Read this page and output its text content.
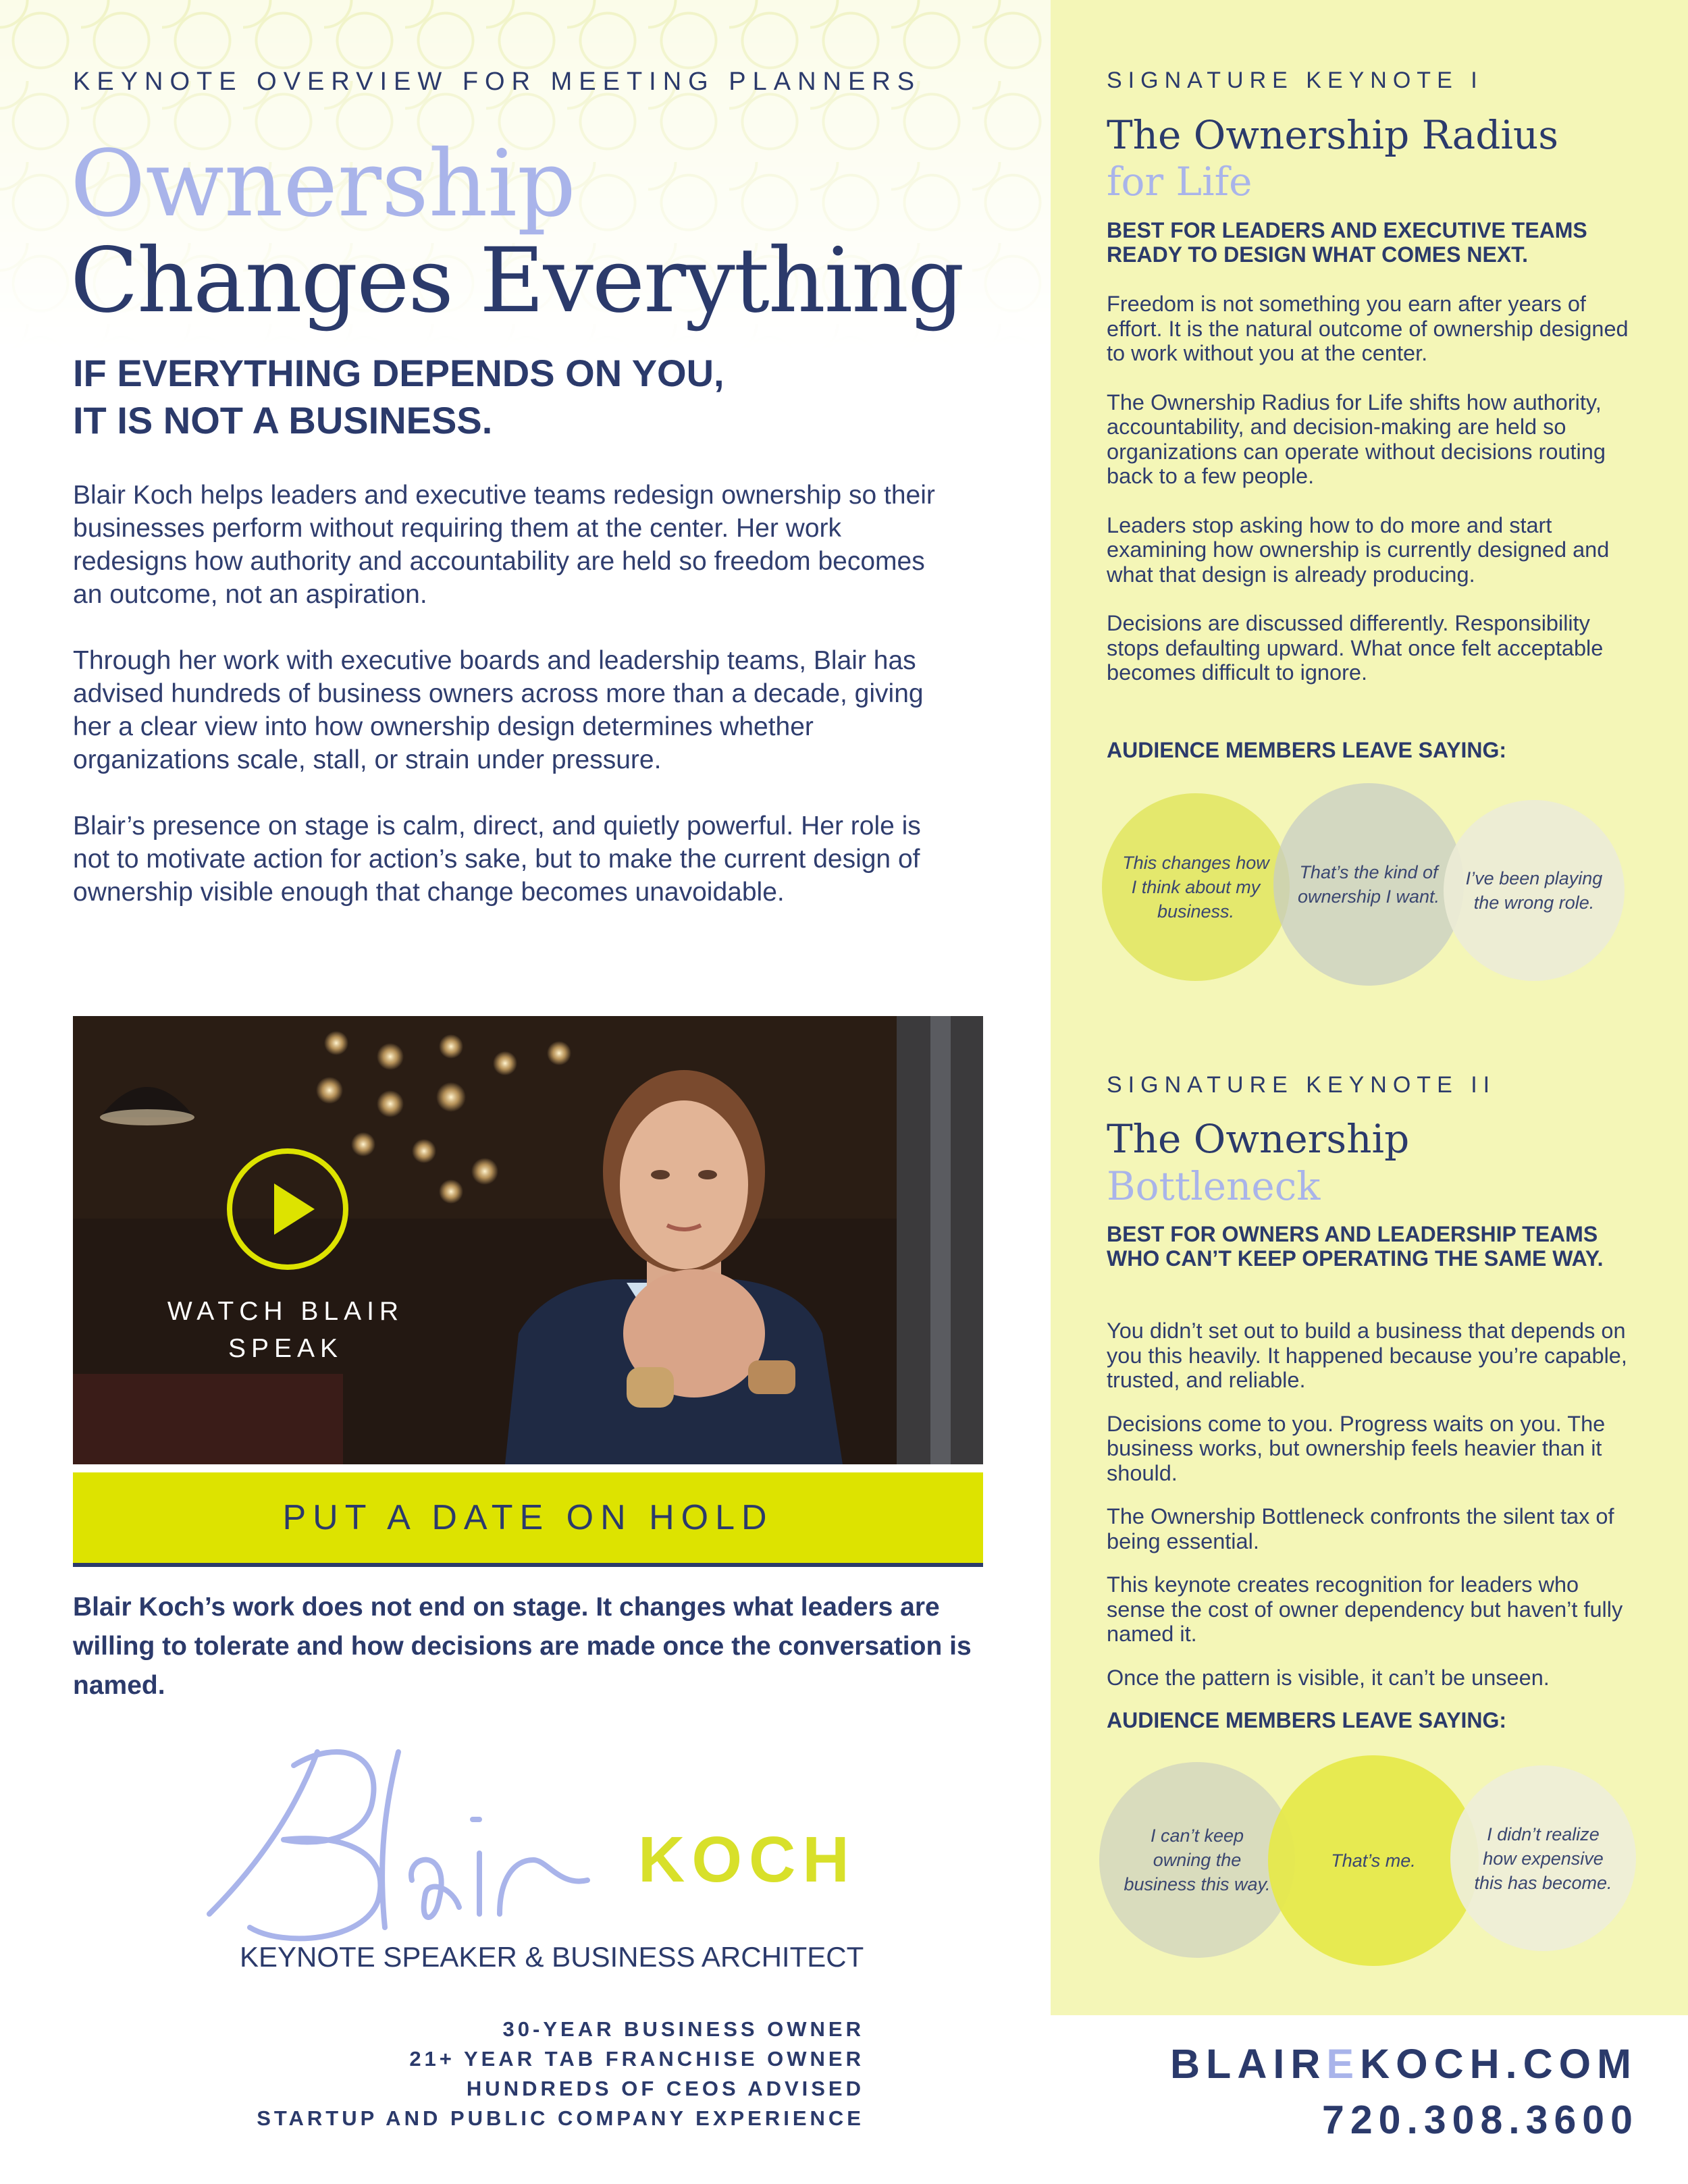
KEYNOTE OVERVIEW FOR MEETING PLANNERS
Ownership
Changes Everything
IF EVERYTHING DEPENDS ON YOU,
IT IS NOT A BUSINESS.

Blair Koch helps leaders and executive teams redesign ownership so their businesses perform without requiring them at the center. Her work redesigns how authority and accountability are held so freedom becomes an outcome, not an aspiration.

Through her work with executive boards and leadership teams, Blair has advised hundreds of business owners across more than a decade, giving her a clear view into how ownership design determines whether organizations scale, stall, or strain under pressure.

Blair’s presence on stage is calm, direct, and quietly powerful. Her role is not to motivate action for action’s sake, but to make the current design of ownership visible enough that change becomes unavoidable.

WATCH BLAIR
SPEAK
PUT A DATE ON HOLD
Blair Koch’s work does not end on stage. It changes what leaders are willing to tolerate and how decisions are made once the conversation is named.
KOCH
KEYNOTE SPEAKER & BUSINESS ARCHITECT
30-YEAR BUSINESS OWNER
21+ YEAR TAB FRANCHISE OWNER
HUNDREDS OF CEOS ADVISED
STARTUP AND PUBLIC COMPANY EXPERIENCE
SIGNATURE KEYNOTE I
The Ownership Radius
for Life
BEST FOR LEADERS AND EXECUTIVE TEAMS READY TO DESIGN WHAT COMES NEXT.

Freedom is not something you earn after years of effort. It is the natural outcome of ownership designed to work without you at the center.

The Ownership Radius for Life shifts how authority, accountability, and decision-making are held so organizations can operate without decisions routing back to a few people.

Leaders stop asking how to do more and start examining how ownership is currently designed and what that design is already producing.

Decisions are discussed differently. Responsibility stops defaulting upward. What once felt acceptable becomes difficult to ignore.

AUDIENCE MEMBERS LEAVE SAYING:
This changes how I think about my business.
That’s the kind of ownership I want.
I’ve been playing the wrong role.
SIGNATURE KEYNOTE II
The Ownership
Bottleneck
BEST FOR OWNERS AND LEADERSHIP TEAMS WHO CAN’T KEEP OPERATING THE SAME WAY.

You didn’t set out to build a business that depends on you this heavily. It happened because you’re capable, trusted, and reliable.

Decisions come to you. Progress waits on you. The business works, but ownership feels heavier than it should.

The Ownership Bottleneck confronts the silent tax of being essential.

This keynote creates recognition for leaders who sense the cost of owner dependency but haven’t fully named it.

Once the pattern is visible, it can’t be unseen.

AUDIENCE MEMBERS LEAVE SAYING:
I can’t keep owning the business this way.
That’s me.
I didn’t realize how expensive this has become.
BLAIREKOCH.COM
720.308.3600
